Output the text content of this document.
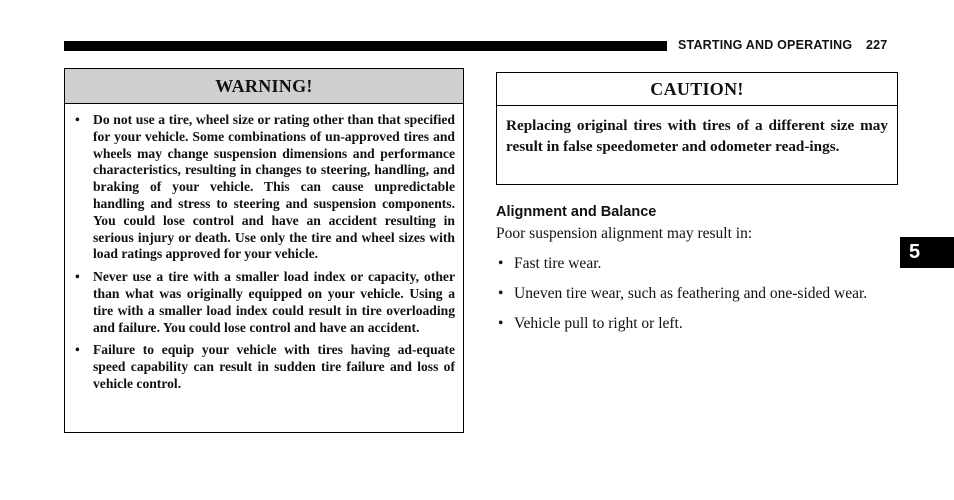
STARTING AND OPERATING 227
WARNING!
• Do not use a tire, wheel size or rating other than that specified for your vehicle. Some combinations of un-approved tires and wheels may change suspension dimensions and performance characteristics, resulting in changes to steering, handling, and braking of your vehicle. This can cause unpredictable handling and stress to steering and suspension components. You could lose control and have an accident resulting in serious injury or death. Use only the tire and wheel sizes with load ratings approved for your vehicle.
• Never use a tire with a smaller load index or capacity, other than what was originally equipped on your vehicle. Using a tire with a smaller load index could result in tire overloading and failure. You could lose control and have an accident.
• Failure to equip your vehicle with tires having ad-equate speed capability can result in sudden tire failure and loss of vehicle control.
CAUTION!
Replacing original tires with tires of a different size may result in false speedometer and odometer read-ings.
Alignment and Balance
Poor suspension alignment may result in:
• Fast tire wear.
• Uneven tire wear, such as feathering and one-sided wear.
• Vehicle pull to right or left.
5
